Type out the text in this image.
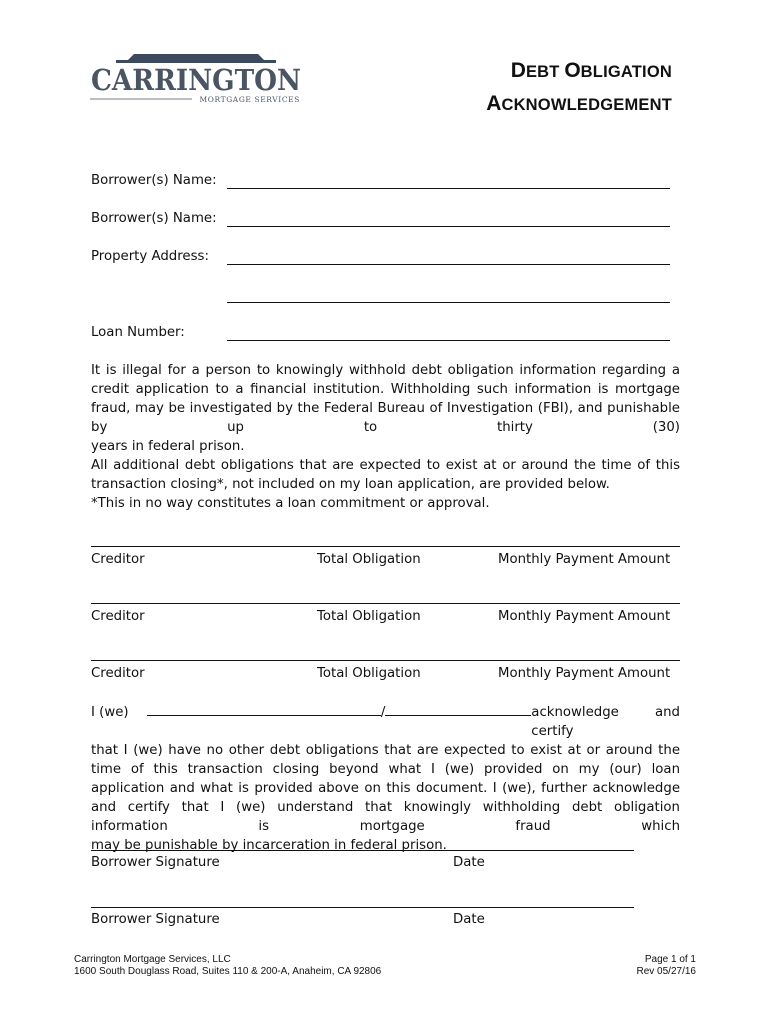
CARRINGTON
MORTGAGE SERVICES
DEBT OBLIGATION
ACKNOWLEDGEMENT
Borrower(s) Name:
Borrower(s) Name:
Property Address:
Loan Number:
It is illegal for a person to knowingly withhold debt obligation information regarding a credit application to a financial institution. Withholding such information is mortgage fraud, may be investigated by the Federal Bureau of Investigation (FBI), and punishable by up to thirty (30)
years in federal prison.
All additional debt obligations that are expected to exist at or around the time of this
transaction closing*, not included on my loan application, are provided below.
*This in no way constitutes a loan commitment or approval.
Creditor	Total Obligation	Monthly Payment Amount
Creditor	Total Obligation	Monthly Payment Amount
Creditor	Total Obligation	Monthly Payment Amount
I (we)	/	acknowledge and certify
that I (we) have no other debt obligations that are expected to exist at or around the time of this transaction closing beyond what I (we) provided on my (our) loan application and what is provided above on this document. I (we), further acknowledge and certify that I (we) understand that knowingly withholding debt obligation information is mortgage fraud which
may be punishable by incarceration in federal prison.
Borrower Signature	Date
Borrower Signature	Date
Carrington Mortgage Services, LLC
1600 South Douglass Road, Suites 110 & 200-A, Anaheim, CA 92806
Page 1 of 1
Rev 05/27/16
